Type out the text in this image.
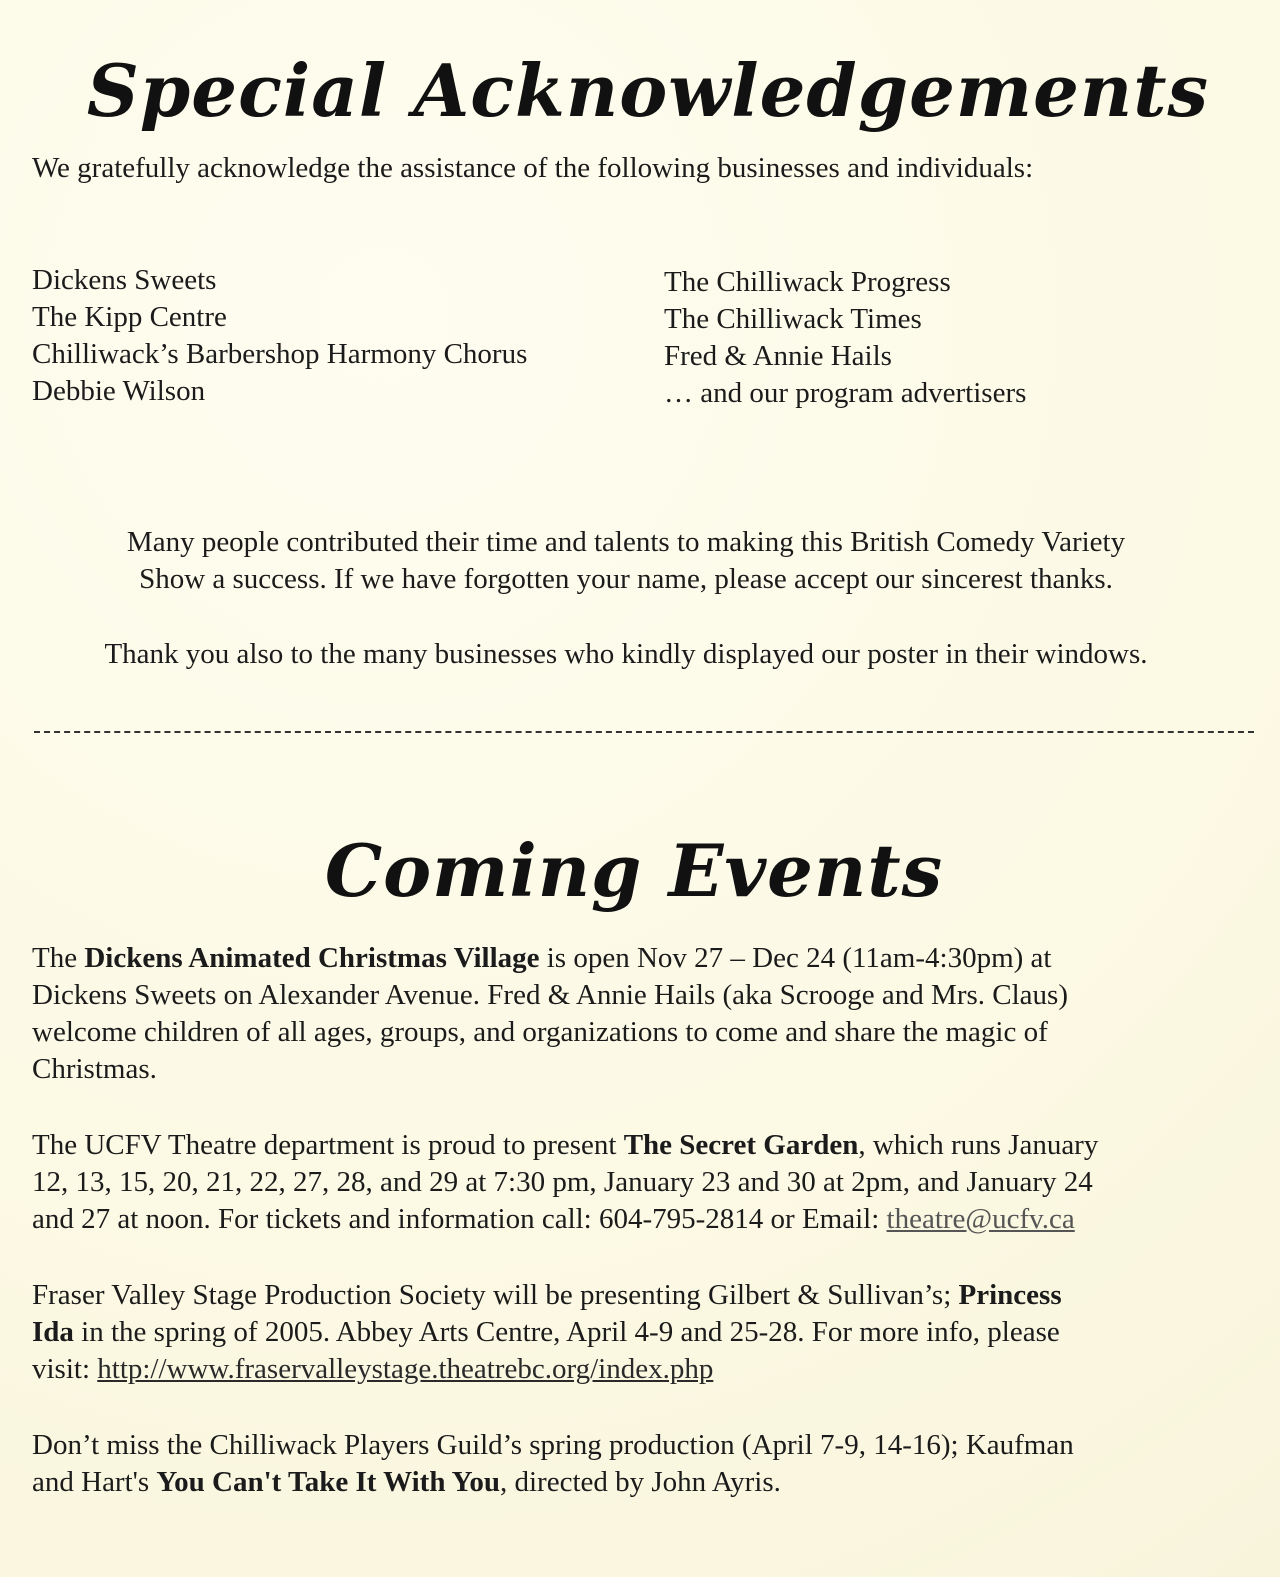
Special Acknowledgements
We gratefully acknowledge the assistance of the following businesses and individuals:
Dickens Sweets
The Kipp Centre
Chilliwack’s Barbershop Harmony Chorus
Debbie Wilson
The Chilliwack Progress
The Chilliwack Times
Fred & Annie Hails
… and our program advertisers
Many people contributed their time and talents to making this British Comedy Variety
Show a success. If we have forgotten your name, please accept our sincerest thanks.
Thank you also to the many businesses who kindly displayed our poster in their windows.
Coming Events
The Dickens Animated Christmas Village is open Nov 27 – Dec 24 (11am-4:30pm) at
Dickens Sweets on Alexander Avenue. Fred & Annie Hails (aka Scrooge and Mrs. Claus)
welcome children of all ages, groups, and organizations to come and share the magic of
Christmas.
The UCFV Theatre department is proud to present The Secret Garden, which runs January
12, 13, 15, 20, 21, 22, 27, 28, and 29 at 7:30 pm, January 23 and 30 at 2pm, and January 24
and 27 at noon. For tickets and information call: 604-795-2814 or Email: theatre@ucfv.ca
Fraser Valley Stage Production Society will be presenting Gilbert & Sullivan’s; Princess
Ida in the spring of 2005. Abbey Arts Centre, April 4-9 and 25-28. For more info, please
visit: http://www.fraservalleystage.theatrebc.org/index.php
Don’t miss the Chilliwack Players Guild’s spring production (April 7-9, 14-16); Kaufman
and Hart's You Can't Take It With You, directed by John Ayris.
